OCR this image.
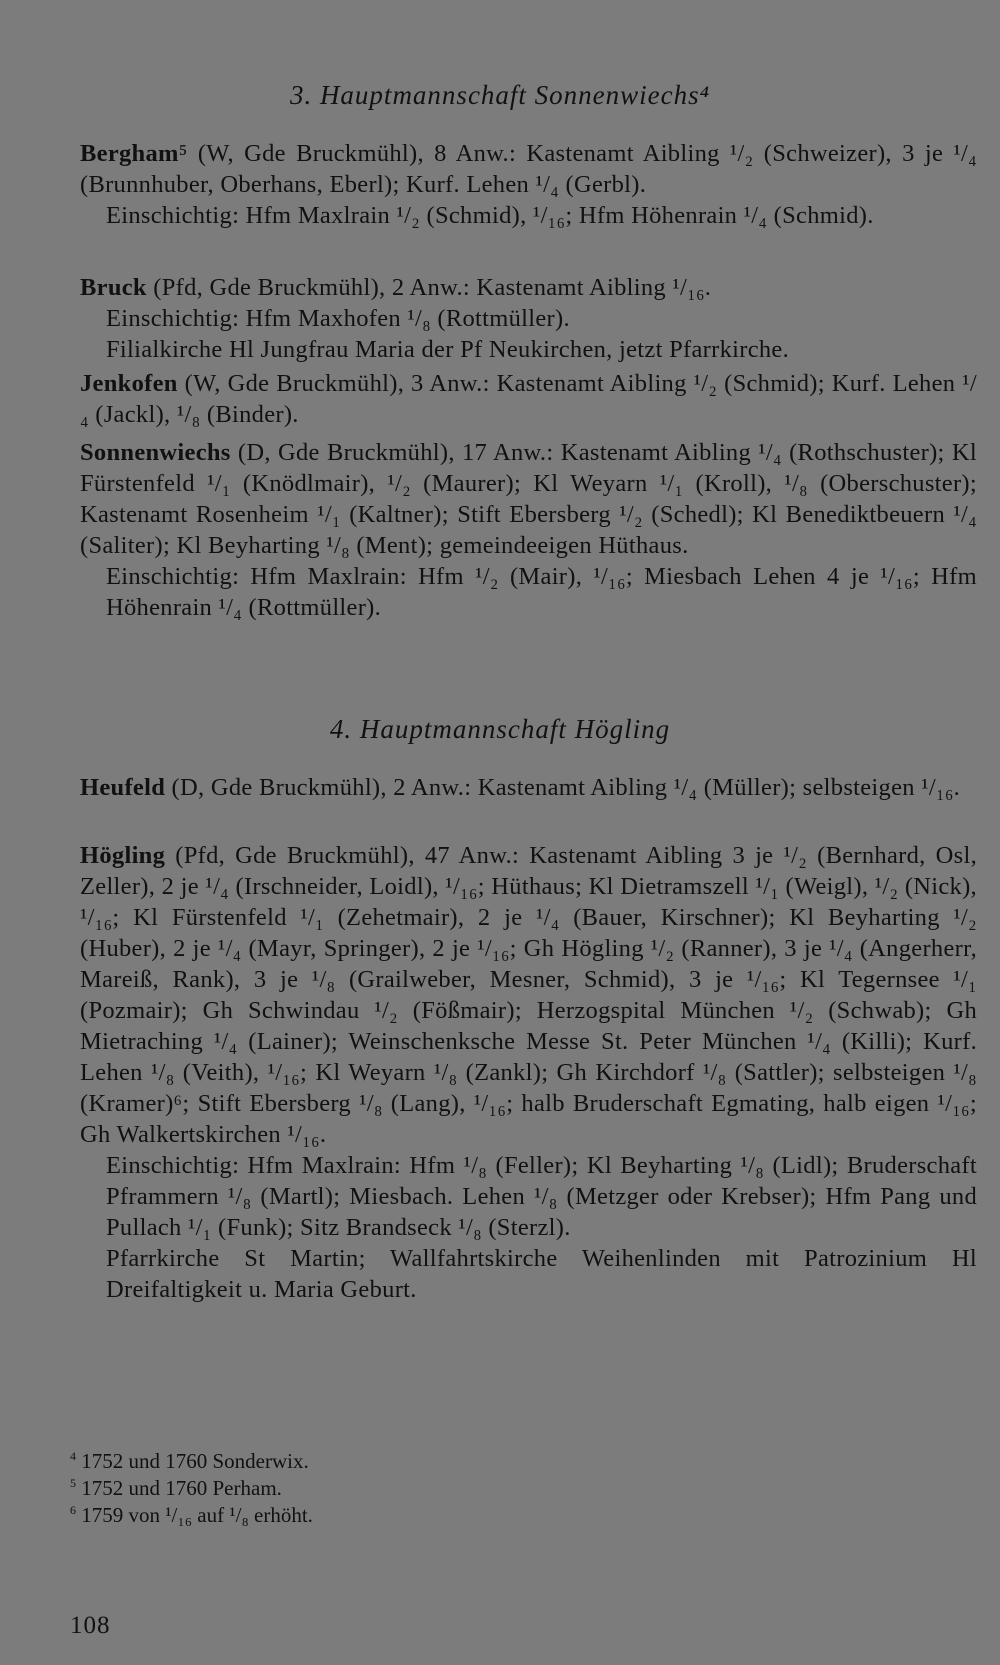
3. Hauptmannschaft Sonnenwiechs⁴
Bergham⁵ (W, Gde Bruckmühl), 8 Anw.: Kastenamt Aibling ¹/₂ (Schweizer), 3 je ¹/₄ (Brunnhuber, Oberhans, Eberl); Kurf. Lehen ¹/₄ (Gerbl).
Einschichtig: Hfm Maxlrain ¹/₂ (Schmid), ¹/₁₆; Hfm Höhenrain ¹/₄ (Schmid).
Bruck (Pfd, Gde Bruckmühl), 2 Anw.: Kastenamt Aibling ¹/₁₆.
Einschichtig: Hfm Maxhofen ¹/₈ (Rottmüller).
Filialkirche Hl Jungfrau Maria der Pf Neukirchen, jetzt Pfarrkirche.
Jenkofen (W, Gde Bruckmühl), 3 Anw.: Kastenamt Aibling ¹/₂ (Schmid); Kurf. Lehen ¹/₄ (Jackl), ¹/₈ (Binder).
Sonnenwiechs (D, Gde Bruckmühl), 17 Anw.: Kastenamt Aibling ¹/₄ (Rothschuster); Kl Fürstenfeld ¹/₁ (Knödlmair), ¹/₂ (Maurer); Kl Weyarn ¹/₁ (Kroll), ¹/₈ (Oberschuster); Kastenamt Rosenheim ¹/₁ (Kaltner); Stift Ebersberg ¹/₂ (Schedl); Kl Benediktbeuern ¹/₄ (Saliter); Kl Beyharting ¹/₈ (Ment); gemeindeeigen Hüthaus.
Einschichtig: Hfm Maxlrain: Hfm ¹/₂ (Mair), ¹/₁₆; Miesbach Lehen 4 je ¹/₁₆; Hfm Höhenrain ¹/₄ (Rottmüller).
4. Hauptmannschaft Högling
Heufeld (D, Gde Bruckmühl), 2 Anw.: Kastenamt Aibling ¹/₄ (Müller); selbsteigen ¹/₁₆.
Högling (Pfd, Gde Bruckmühl), 47 Anw.: Kastenamt Aibling 3 je ¹/₂ (Bernhard, Osl, Zeller), 2 je ¹/₄ (Irschneider, Loidl), ¹/₁₆; Hüthaus; Kl Dietramszell ¹/₁ (Weigl), ¹/₂ (Nick), ¹/₁₆; Kl Fürstenfeld ¹/₁ (Zehetmair), 2 je ¹/₄ (Bauer, Kirschner); Kl Beyharting ¹/₂ (Huber), 2 je ¹/₄ (Mayr, Springer), 2 je ¹/₁₆; Gh Högling ¹/₂ (Ranner), 3 je ¹/₄ (Angerherr, Mareiß, Rank), 3 je ¹/₈ (Grailweber, Mesner, Schmid), 3 je ¹/₁₆; Kl Tegernsee ¹/₁ (Pozmair); Gh Schwindau ¹/₂ (Fößmair); Herzogspital München ¹/₂ (Schwab); Gh Mietraching ¹/₄ (Lainer); Weinschenksche Messe St. Peter München ¹/₄ (Killi); Kurf. Lehen ¹/₈ (Veith), ¹/₁₆; Kl Weyarn ¹/₈ (Zankl); Gh Kirchdorf ¹/₈ (Sattler); selbsteigen ¹/₈ (Kramer)⁶; Stift Ebersberg ¹/₈ (Lang), ¹/₁₆; halb Bruderschaft Egmating, halb eigen ¹/₁₆; Gh Walkertskirchen ¹/₁₆.
Einschichtig: Hfm Maxlrain: Hfm ¹/₈ (Feller); Kl Beyharting ¹/₈ (Lidl); Bruderschaft Pframmern ¹/₈ (Martl); Miesbach. Lehen ¹/₈ (Metzger oder Krebser); Hfm Pang und Pullach ¹/₁ (Funk); Sitz Brandseck ¹/₈ (Sterzl).
Pfarrkirche St Martin; Wallfahrtskirche Weihenlinden mit Patrozinium Hl Dreifaltigkeit u. Maria Geburt.
$^4$ 1752 und 1760 Sonderwix.
$^5$ 1752 und 1760 Perham.
$^6$ 1759 von ¹/₁₆ auf ¹/₈ erhöht.
108
